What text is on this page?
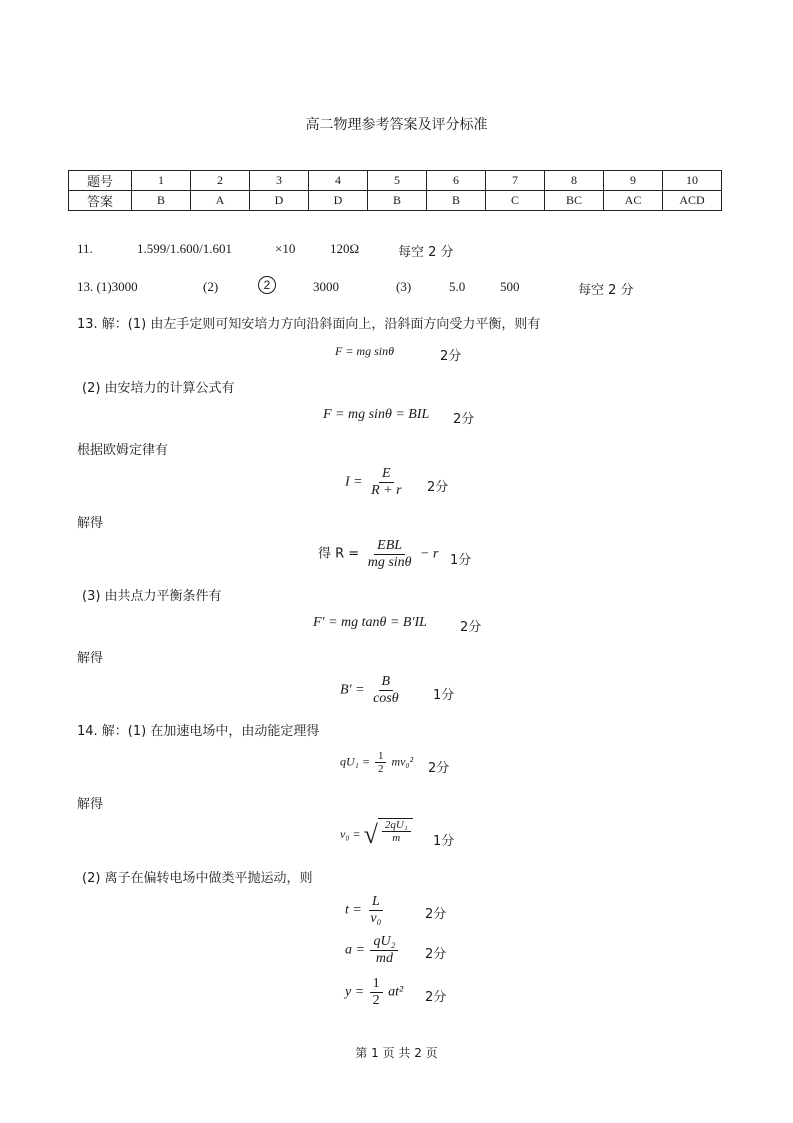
高二物理参考答案及评分标准
题号	1	2	3	4	5	6	7	8	9	10
答案	B	A	D	D	B	B	C	BC	AC	ACD
11.	1.599/1.600/1.601	×10	120Ω	每空 2 分
13. (1)3000	(2)	2	3000	(3)	5.0	500	每空 2 分
13. 解：(1) 由左手定则可知安培力方向沿斜面向上，沿斜面方向受力平衡，则有
F = mg sinθ	2分
(2) 由安培力的计算公式有
F = mg sinθ = BIL 2分
根据欧姆定律有
$I = \frac{E}{R + r} 2$分
解得
得 $R = \frac{\text{EBL}}{\text{mg sinθ}} - r$ 1分
(3) 由共点力平衡条件有
F′ = mg tanθ = B′IL	2分
解得
$B' = \frac{B}{\cos\theta} 1$分
14. 解：(1) 在加速电场中，由动能定理得
$qU_1 = \frac{1}{2} mv_0^2$ 2分
解得
v₀ = √ $\frac{\text{2qU₁}}{m} 1$分
(2) 离子在偏转电场中做类平抛运动，则
$t = \frac{L}{\text{v₀}}$	2分
$a = \frac{\text{qU₂}}{md} 2$分
$y = \frac{1}{2} at^2$ 2分
第 1 页 共 2 页
